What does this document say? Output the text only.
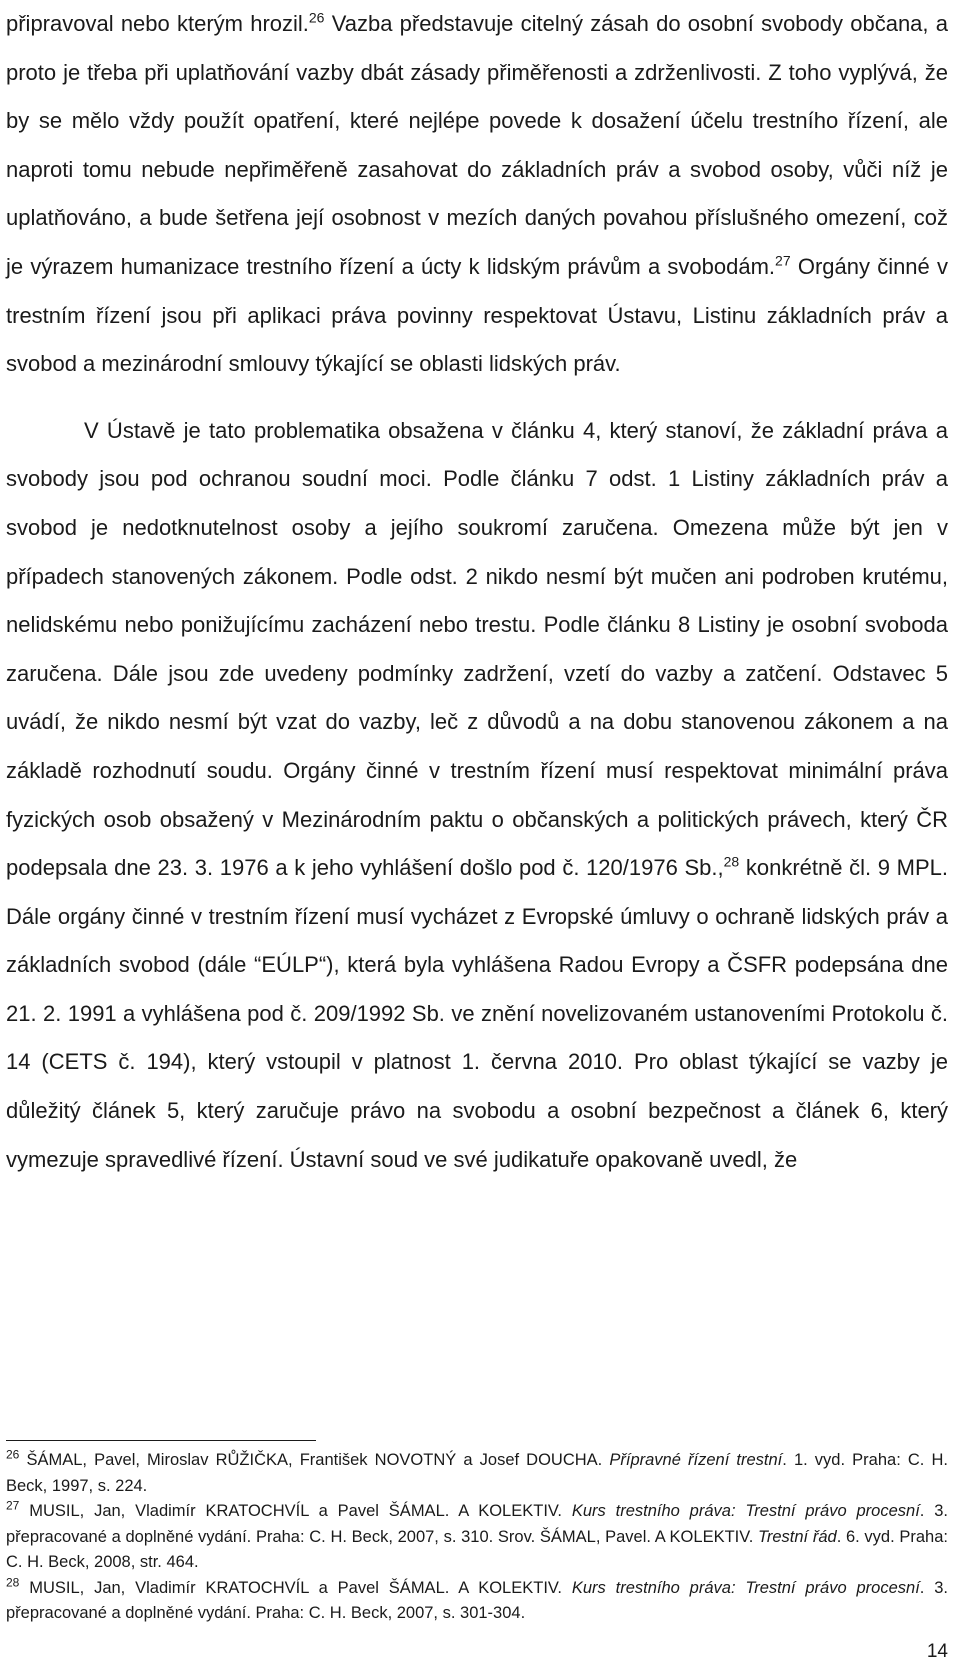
připravoval nebo kterým hrozil.$^{26}$ Vazba představuje citelný zásah do osobní svobody občana, a proto je třeba při uplatňování vazby dbát zásady přiměřenosti a zdrženlivosti. Z toho vyplývá, že by se mělo vždy použít opatření, které nejlépe povede k dosažení účelu trestního řízení, ale naproti tomu nebude nepřiměřeně zasahovat do základních práv a svobod osoby, vůči níž je uplatňováno, a bude šetřena její osobnost v mezích daných povahou příslušného omezení, což je výrazem humanizace trestního řízení a úcty k lidským právům a svobodám.$^{27}$ Orgány činné v trestním řízení jsou při aplikaci práva povinny respektovat Ústavu, Listinu základních práv a svobod a mezinárodní smlouvy týkající se oblasti lidských práv.

V Ústavě je tato problematika obsažena v článku 4, který stanoví, že základní práva a svobody jsou pod ochranou soudní moci. Podle článku 7 odst. 1 Listiny základních práv a svobod je nedotknutelnost osoby a jejího soukromí zaručena. Omezena může být jen v případech stanovených zákonem. Podle odst. 2 nikdo nesmí být mučen ani podroben krutému, nelidskému nebo ponižujícímu zacházení nebo trestu. Podle článku 8 Listiny je osobní svoboda zaručena. Dále jsou zde uvedeny podmínky zadržení, vzetí do vazby a zatčení. Odstavec 5 uvádí, že nikdo nesmí být vzat do vazby, leč z důvodů a na dobu stanovenou zákonem a na základě rozhodnutí soudu. Orgány činné v trestním řízení musí respektovat minimální práva fyzických osob obsažený v Mezinárodním paktu o občanských a politických právech, který ČR podepsala dne 23. 3. 1976 a k jeho vyhlášení došlo pod č. 120/1976 Sb.,$^{28}$ konkrétně čl. 9 MPL. Dále orgány činné v trestním řízení musí vycházet z Evropské úmluvy o ochraně lidských práv a základních svobod (dále “EÚLP“), která byla vyhlášena Radou Evropy a ČSFR podepsána dne 21. 2. 1991 a vyhlášena pod č. 209/1992 Sb. ve znění novelizovaném ustanoveními Protokolu č. 14 (CETS č. 194), který vstoupil v platnost 1. června 2010. Pro oblast týkající se vazby je důležitý článek 5, který zaručuje právo na svobodu a osobní bezpečnost a článek 6, který vymezuje spravedlivé řízení. Ústavní soud ve své judikatuře opakovaně uvedl, že

$^{26}$ ŠÁMAL, Pavel, Miroslav RŮŽIČKA, František NOVOTNÝ a Josef DOUCHA. Přípravné řízení trestní. 1. vyd. Praha: C. H. Beck, 1997, s. 224.

$^{27}$ MUSIL, Jan, Vladimír KRATOCHVÍL a Pavel ŠÁMAL. A KOLEKTIV. Kurs trestního práva: Trestní právo procesní. 3. přepracované a doplněné vydání. Praha: C. H. Beck, 2007, s. 310. Srov. ŠÁMAL, Pavel. A KOLEKTIV. Trestní řád. 6. vyd. Praha: C. H. Beck, 2008, str. 464.

$^{28}$ MUSIL, Jan, Vladimír KRATOCHVÍL a Pavel ŠÁMAL. A KOLEKTIV. Kurs trestního práva: Trestní právo procesní. 3. přepracované a doplněné vydání. Praha: C. H. Beck, 2007, s. 301-304.

14
